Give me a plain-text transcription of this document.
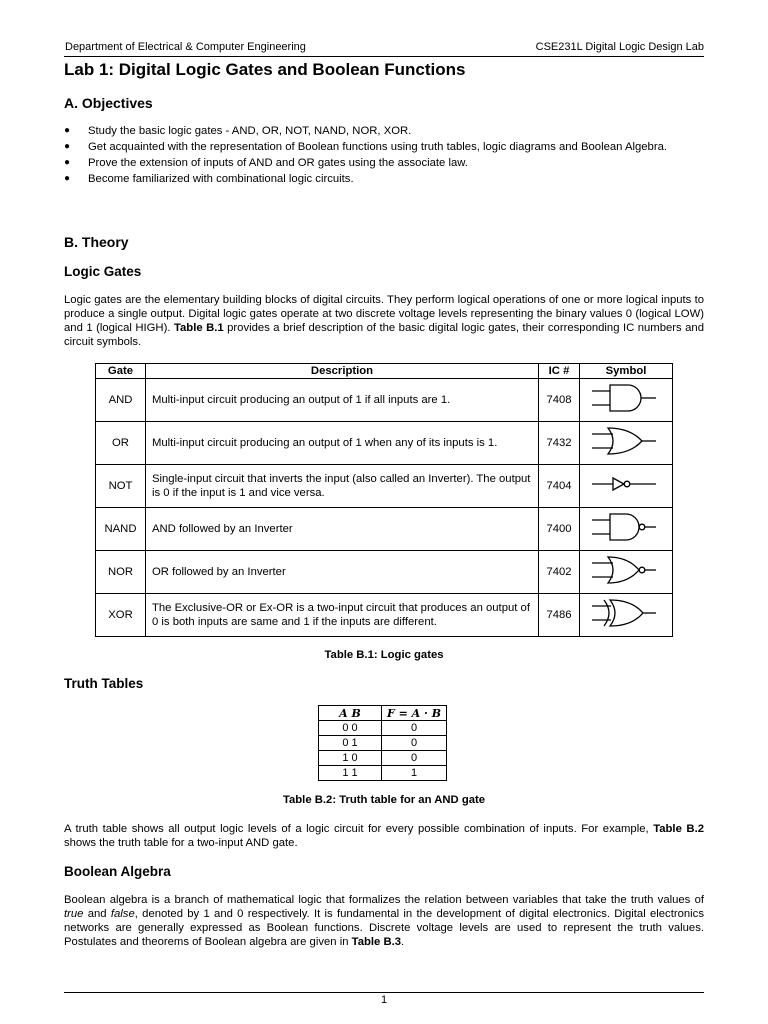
Department of Electrical & Computer Engineering	CSE231L Digital Logic Design Lab
Lab 1: Digital Logic Gates and Boolean Functions
A. Objectives
● Study the basic logic gates - AND, OR, NOT, NAND, NOR, XOR.
● Get acquainted with the representation of Boolean functions using truth tables, logic diagrams and Boolean Algebra.
● Prove the extension of inputs of AND and OR gates using the associate law.
● Become familiarized with combinational logic circuits.
B. Theory
Logic Gates
Logic gates are the elementary building blocks of digital circuits. They perform logical operations of one or more logical inputs to produce a single output. Digital logic gates operate at two discrete voltage levels representing the binary values 0 (logical LOW) and 1 (logical HIGH). Table B.1 provides a brief description of the basic digital logic gates, their corresponding IC numbers and circuit symbols.
Gate	Description	IC #	Symbol
AND	Multi-input circuit producing an output of 1 if all inputs are 1.	7408	
OR	Multi-input circuit producing an output of 1 when any of its inputs is 1.	7432	
NOT	Single-input circuit that inverts the input (also called an Inverter). The output is 0 if the input is 1 and vice versa.	7404	
NAND	AND followed by an Inverter	7400	
NOR	OR followed by an Inverter	7402	
XOR	The Exclusive-OR or Ex-OR is a two-input circuit that produces an output of 0 is both inputs are same and 1 if the inputs are different.	7486	
Table B.1: Logic gates
Truth Tables
A B	F = A · B
0 0	0
0 1	0
1 0	0
1 1	1
Table B.2: Truth table for an AND gate
A truth table shows all output logic levels of a logic circuit for every possible combination of inputs. For example, Table B.2 shows the truth table for a two-input AND gate.
Boolean Algebra
Boolean algebra is a branch of mathematical logic that formalizes the relation between variables that take the truth values of true and false, denoted by 1 and 0 respectively. It is fundamental in the development of digital electronics. Digital electronics networks are generally expressed as Boolean functions. Discrete voltage levels are used to represent the truth values. Postulates and theorems of Boolean algebra are given in Table B.3.
1
